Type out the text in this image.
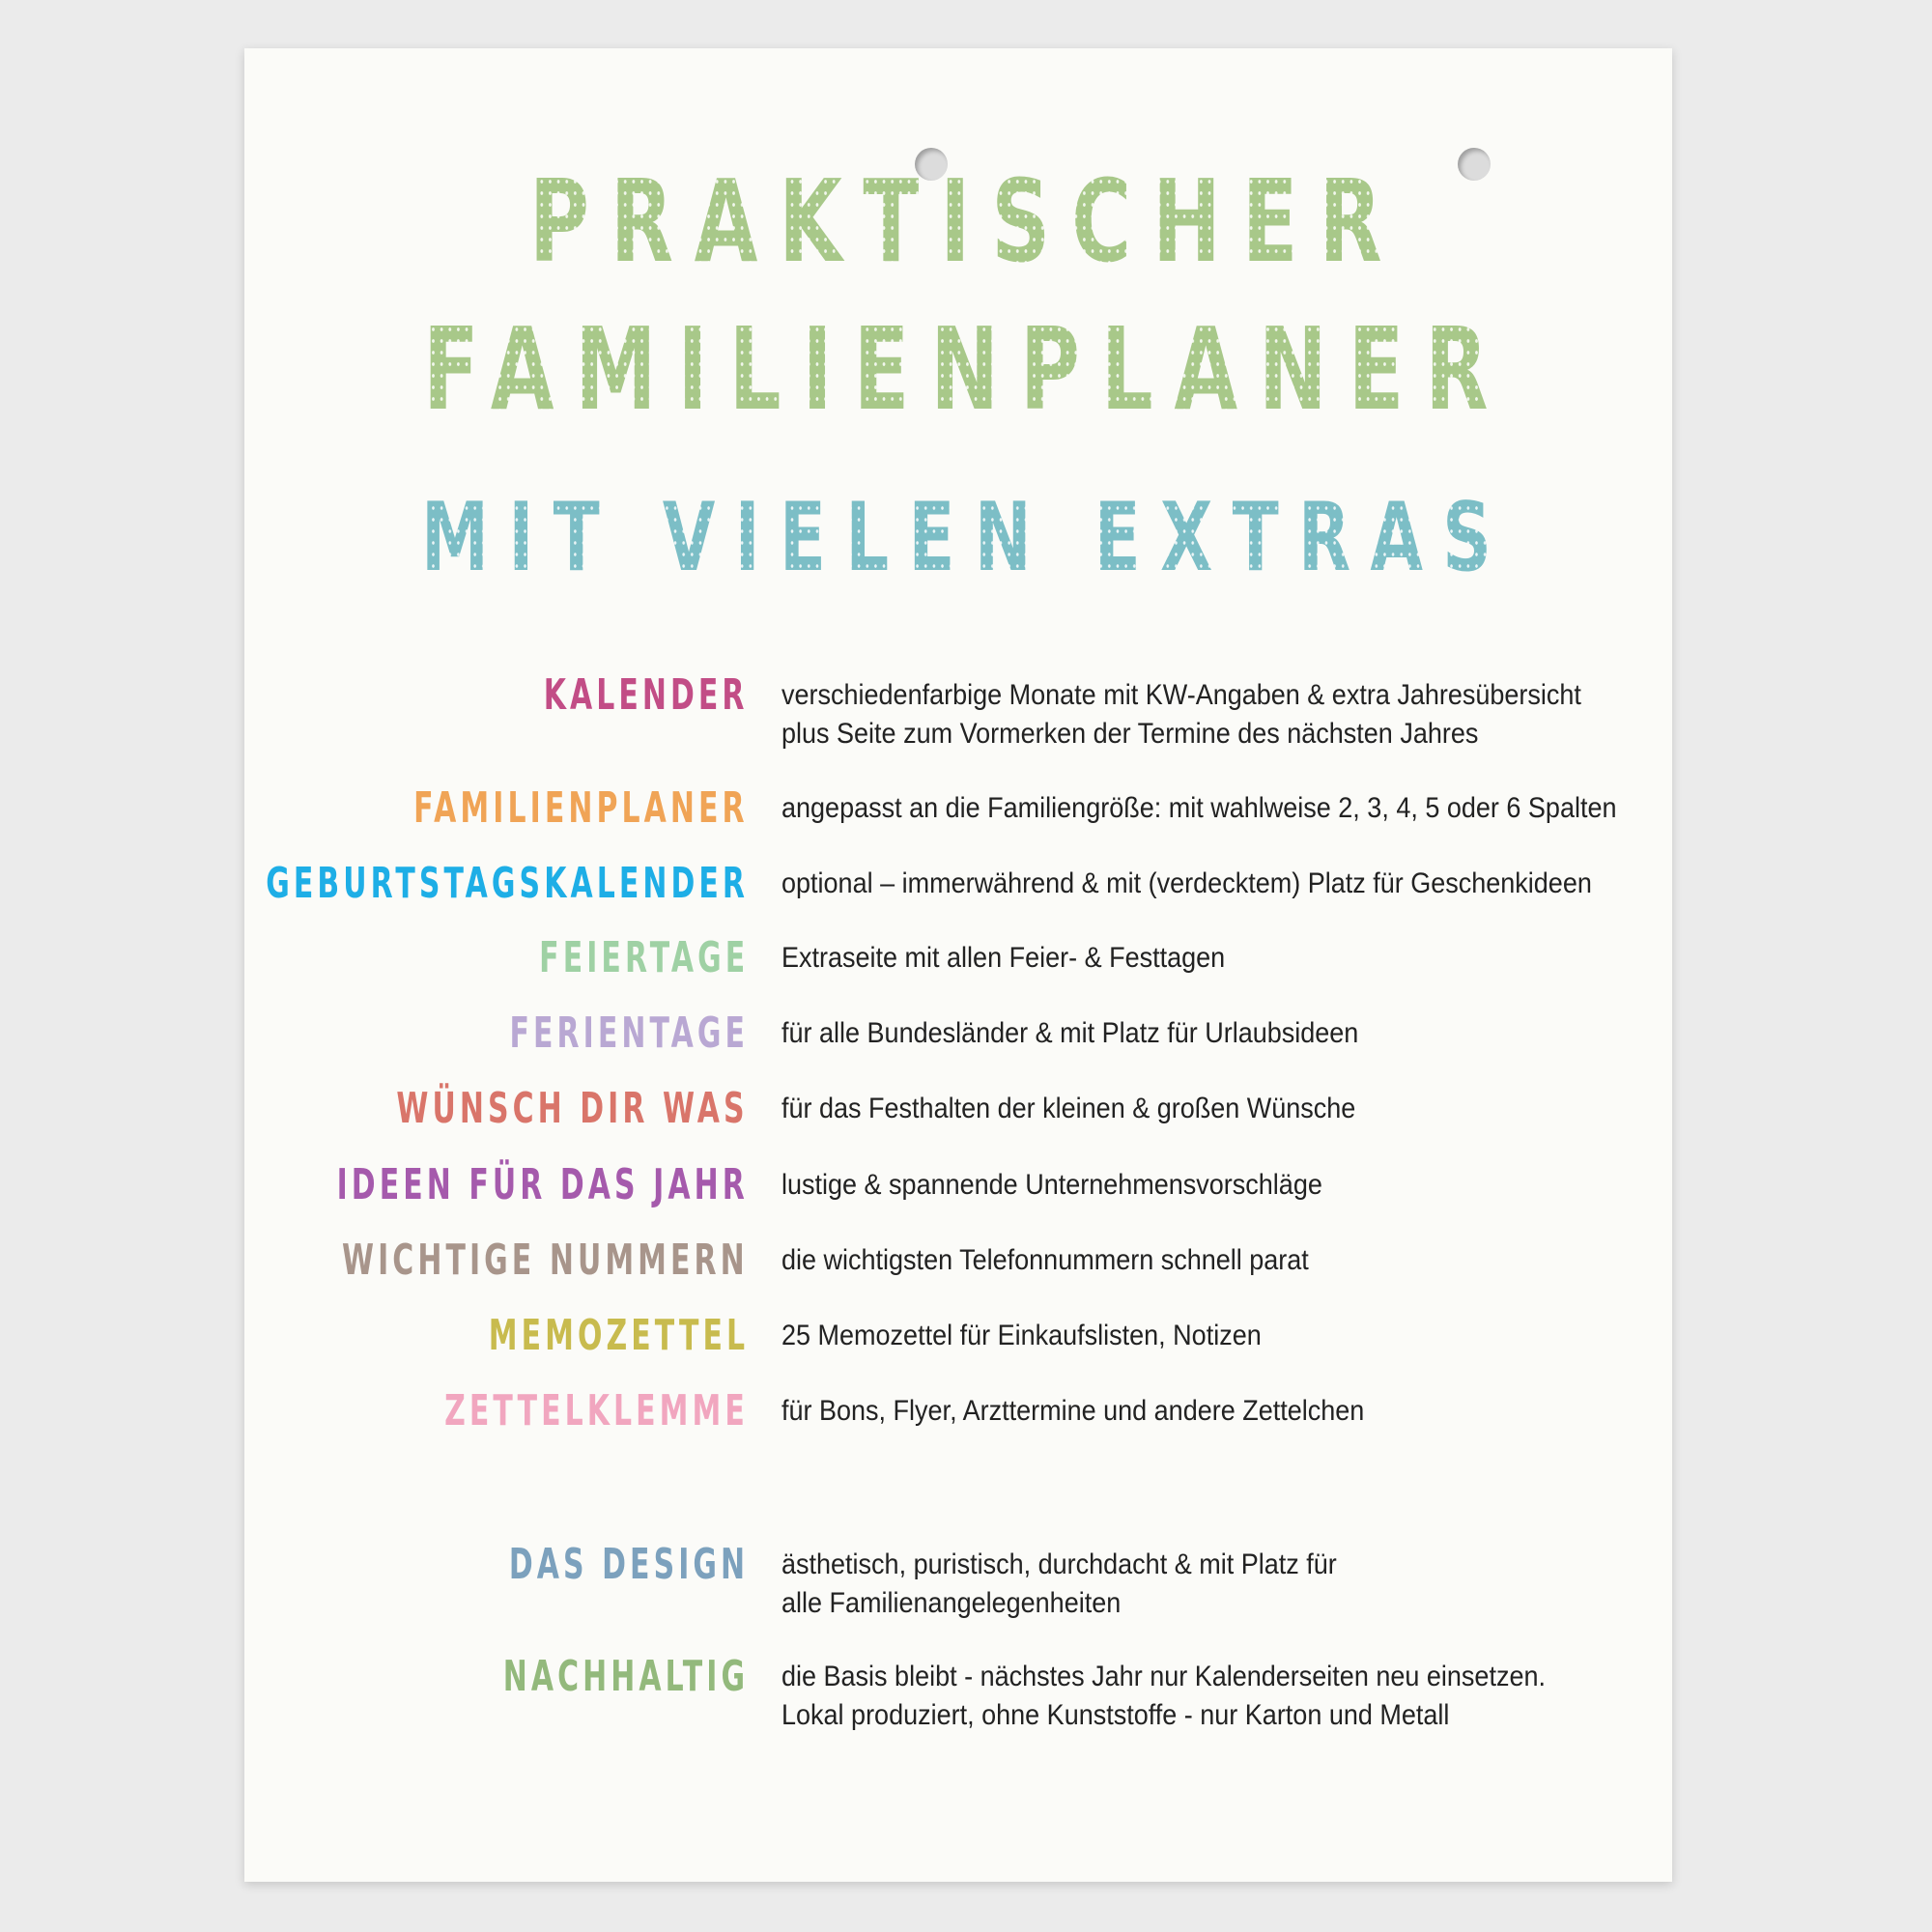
PRAKTISCHER
FAMILIENPLANER
MIT VIELEN EXTRAS
KALENDER verschiedenfarbige Monate mit KW-Angaben & extra Jahresübersicht
plus Seite zum Vormerken der Termine des nächsten Jahres
FAMILIENPLANER angepasst an die Familiengröße: mit wahlweise 2, 3, 4, 5 oder 6 Spalten
GEBURTSTAGSKALENDER optional – immerwährend & mit (verdecktem) Platz für Geschenkideen
FEIERTAGE Extraseite mit allen Feier- & Festtagen
FERIENTAGE für alle Bundesländer & mit Platz für Urlaubsideen
WÜNSCH DIR WAS für das Festhalten der kleinen & großen Wünsche
IDEEN FÜR DAS JAHR lustige & spannende Unternehmensvorschläge
WICHTIGE NUMMERN die wichtigsten Telefonnummern schnell parat
MEMOZETTEL 25 Memozettel für Einkaufslisten, Notizen
ZETTELKLEMME für Bons, Flyer, Arzttermine und andere Zettelchen
DAS DESIGN ästhetisch, puristisch, durchdacht & mit Platz für
alle Familienangelegenheiten
NACHHALTIG die Basis bleibt - nächstes Jahr nur Kalenderseiten neu einsetzen.
Lokal produziert, ohne Kunststoffe - nur Karton und Metall
